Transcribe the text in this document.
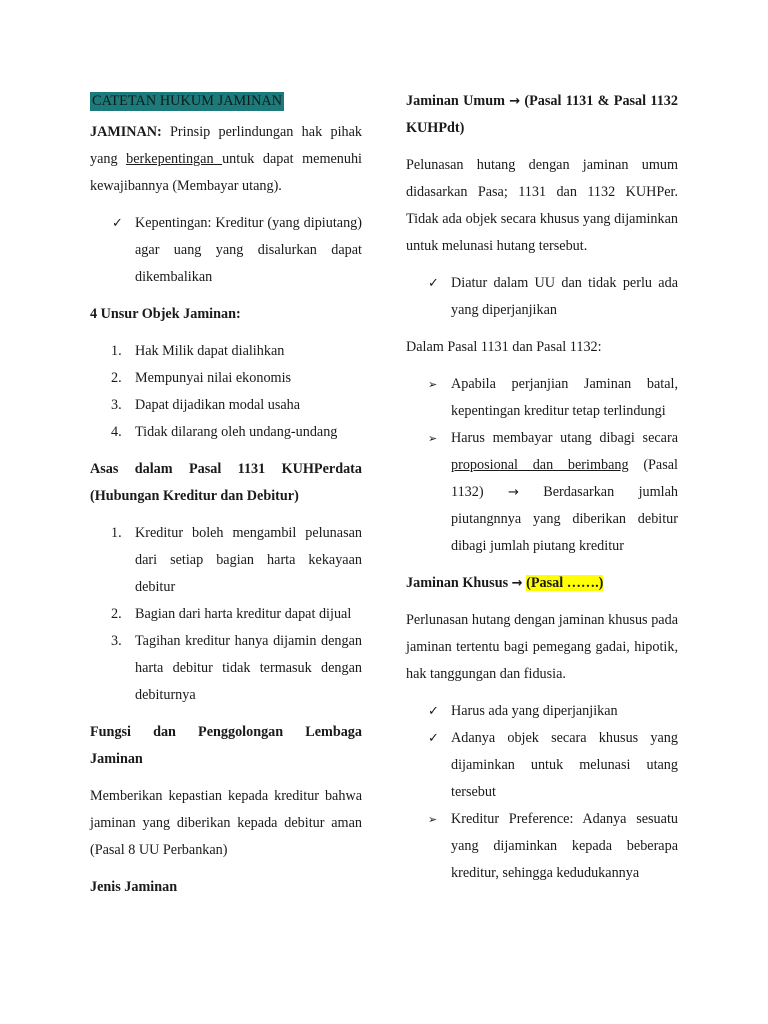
CATETAN HUKUM JAMINAN

JAMINAN: Prinsip perlindungan hak pihak yang berkepentingan untuk dapat memenuhi kewajibannya (Membayar utang).

✓ Kepentingan: Kreditur (yang dipiutang) agar uang yang disalurkan dapat dikembalikan

4 Unsur Objek Jaminan:

1. Hak Milik dapat dialihkan
2. Mempunyai nilai ekonomis
3. Dapat dijadikan modal usaha
4. Tidak dilarang oleh undang-undang

Asas dalam Pasal 1131 KUHPerdata (Hubungan Kreditur dan Debitur)

1. Kreditur boleh mengambil pelunasan dari setiap bagian harta kekayaan debitur
2. Bagian dari harta kreditur dapat dijual
3. Tagihan kreditur hanya dijamin dengan harta debitur tidak termasuk dengan debiturnya

Fungsi dan Penggolongan Lembaga Jaminan

Memberikan kepastian kepada kreditur bahwa jaminan yang diberikan kepada debitur aman (Pasal 8 UU Perbankan)

Jenis Jaminan

Jaminan Umum → (Pasal 1131 & Pasal 1132 KUHPdt)

Pelunasan hutang dengan jaminan umum didasarkan Pasa; 1131 dan 1132 KUHPer. Tidak ada objek secara khusus yang dijaminkan untuk melunasi hutang tersebut.

✓ Diatur dalam UU dan tidak perlu ada yang diperjanjikan

Dalam Pasal 1131 dan Pasal 1132:

➢ Apabila perjanjian Jaminan batal, kepentingan kreditur tetap terlindungi
➢ Harus membayar utang dibagi secara proposional dan berimbang (Pasal 1132) → Berdasarkan jumlah piutangnnya yang diberikan debitur dibagi jumlah piutang kreditur

Jaminan Khusus → (Pasal …….)

Perlunasan hutang dengan jaminan khusus pada jaminan tertentu bagi pemegang gadai, hipotik, hak tanggungan dan fidusia.

✓ Harus ada yang diperjanjikan
✓ Adanya objek secara khusus yang dijaminkan untuk melunasi utang tersebut
➢ Kreditur Preference: Adanya sesuatu yang dijaminkan kepada beberapa kreditur, sehingga kedudukannya
